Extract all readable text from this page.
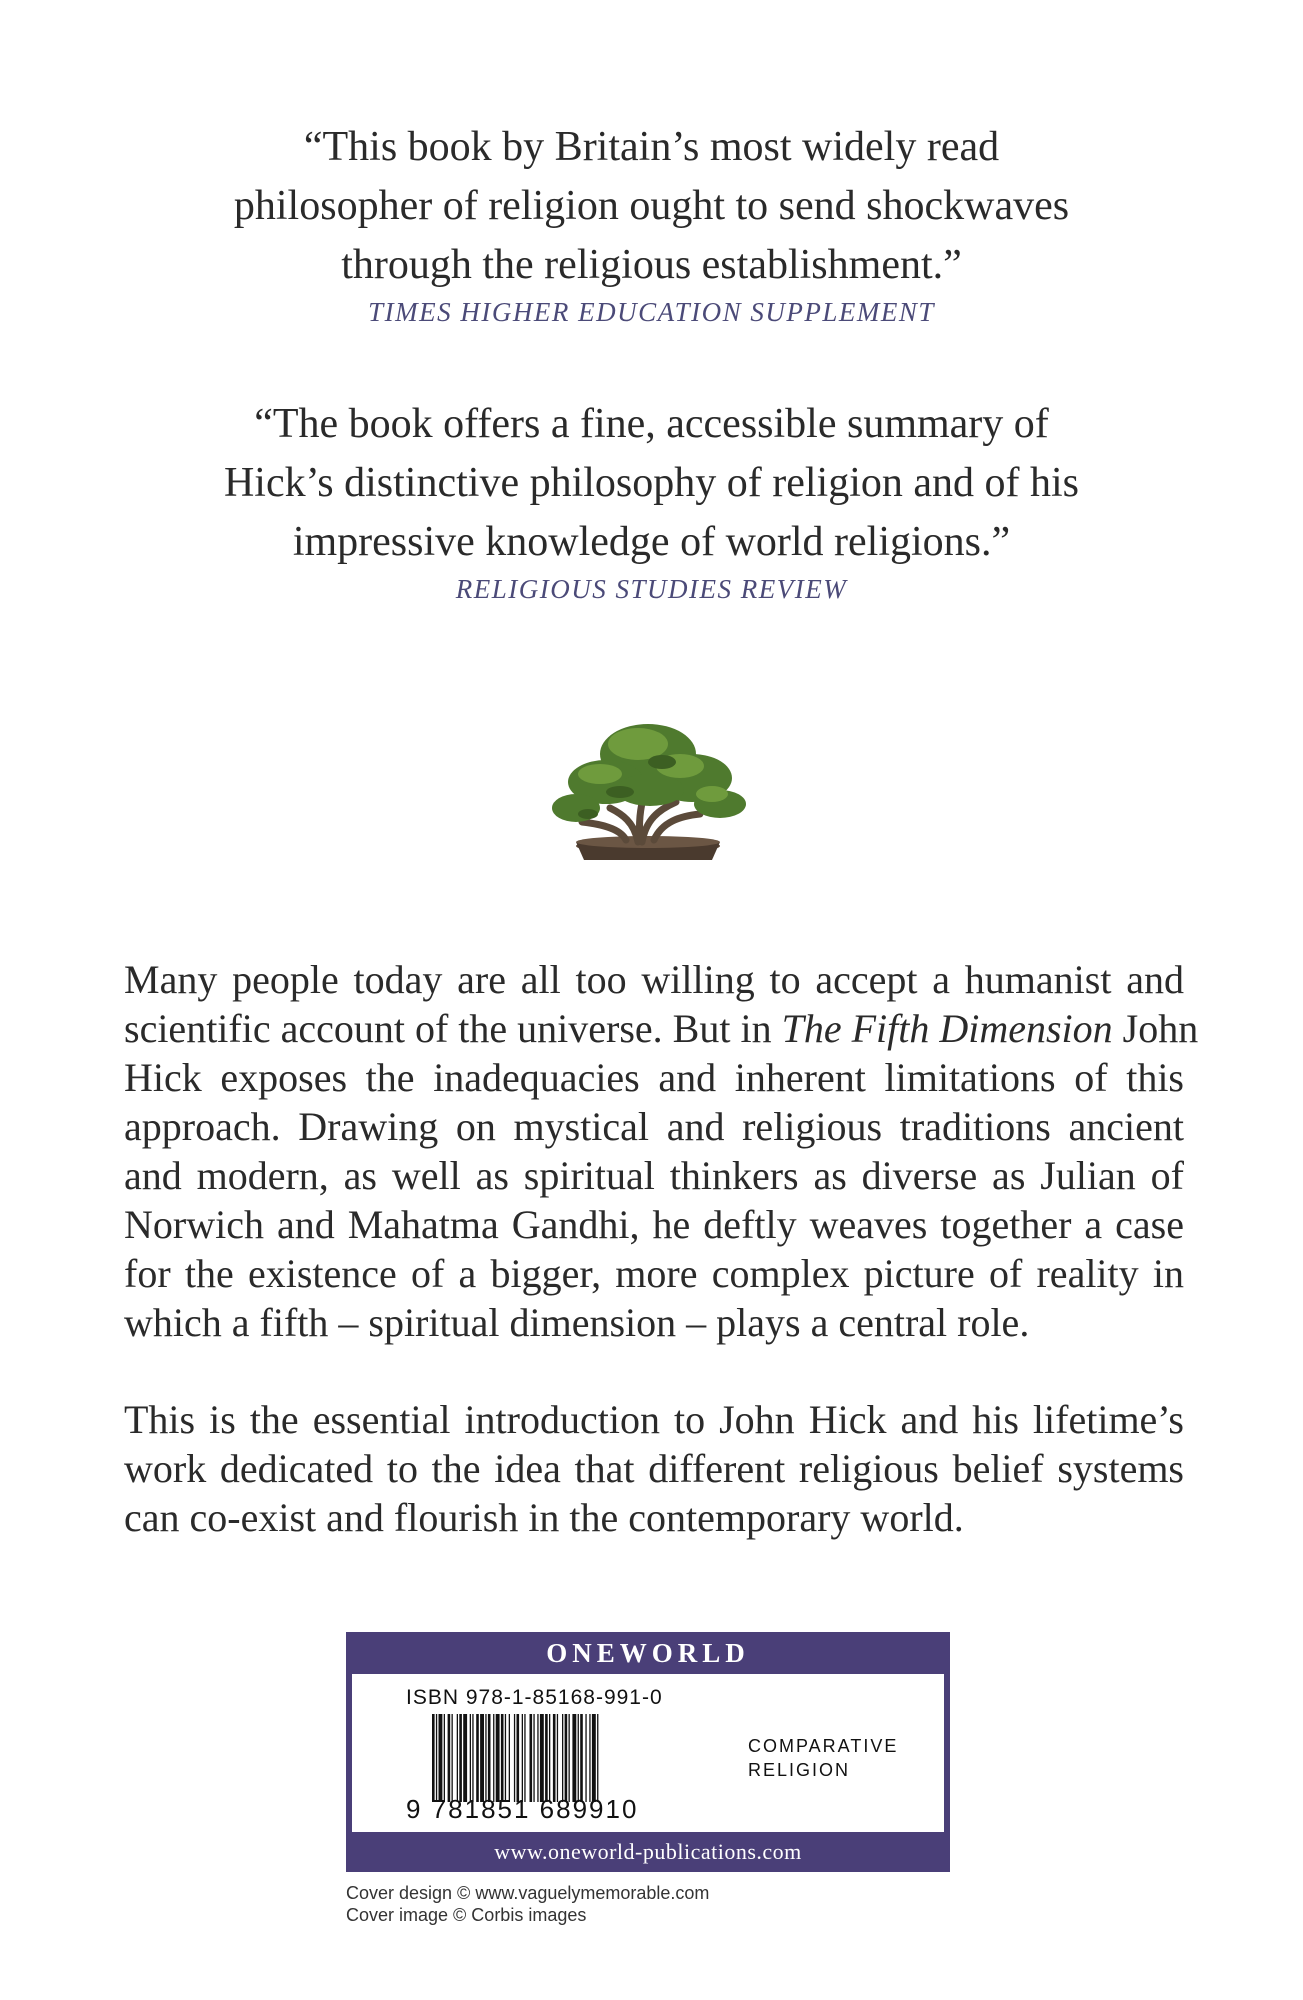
“This book by Britain’s most widely read
philosopher of religion ought to send shockwaves
through the religious establishment.”
TIMES HIGHER EDUCATION SUPPLEMENT
“The book offers a fine, accessible summary of
Hick’s distinctive philosophy of religion and of his
impressive knowledge of world religions.”
RELIGIOUS STUDIES REVIEW
Many people today are all too willing to accept a humanist and
scientific account of the universe. But in The Fifth Dimension John
Hick exposes the inadequacies and inherent limitations of this
approach. Drawing on mystical and religious traditions ancient
and modern, as well as spiritual thinkers as diverse as Julian of
Norwich and Mahatma Gandhi, he deftly weaves together a case
for the existence of a bigger, more complex picture of reality in
which a fifth – spiritual dimension – plays a central role.
This is the essential introduction to John Hick and his lifetime’s
work dedicated to the idea that different religious belief systems
can co-exist and flourish in the contemporary world.
ONEWORLD
ISBN 978-1-85168-991-0
9 781851 689910
COMPARATIVE
RELIGION
www.oneworld-publications.com
Cover design © www.vaguelymemorable.com
Cover image © Corbis images
